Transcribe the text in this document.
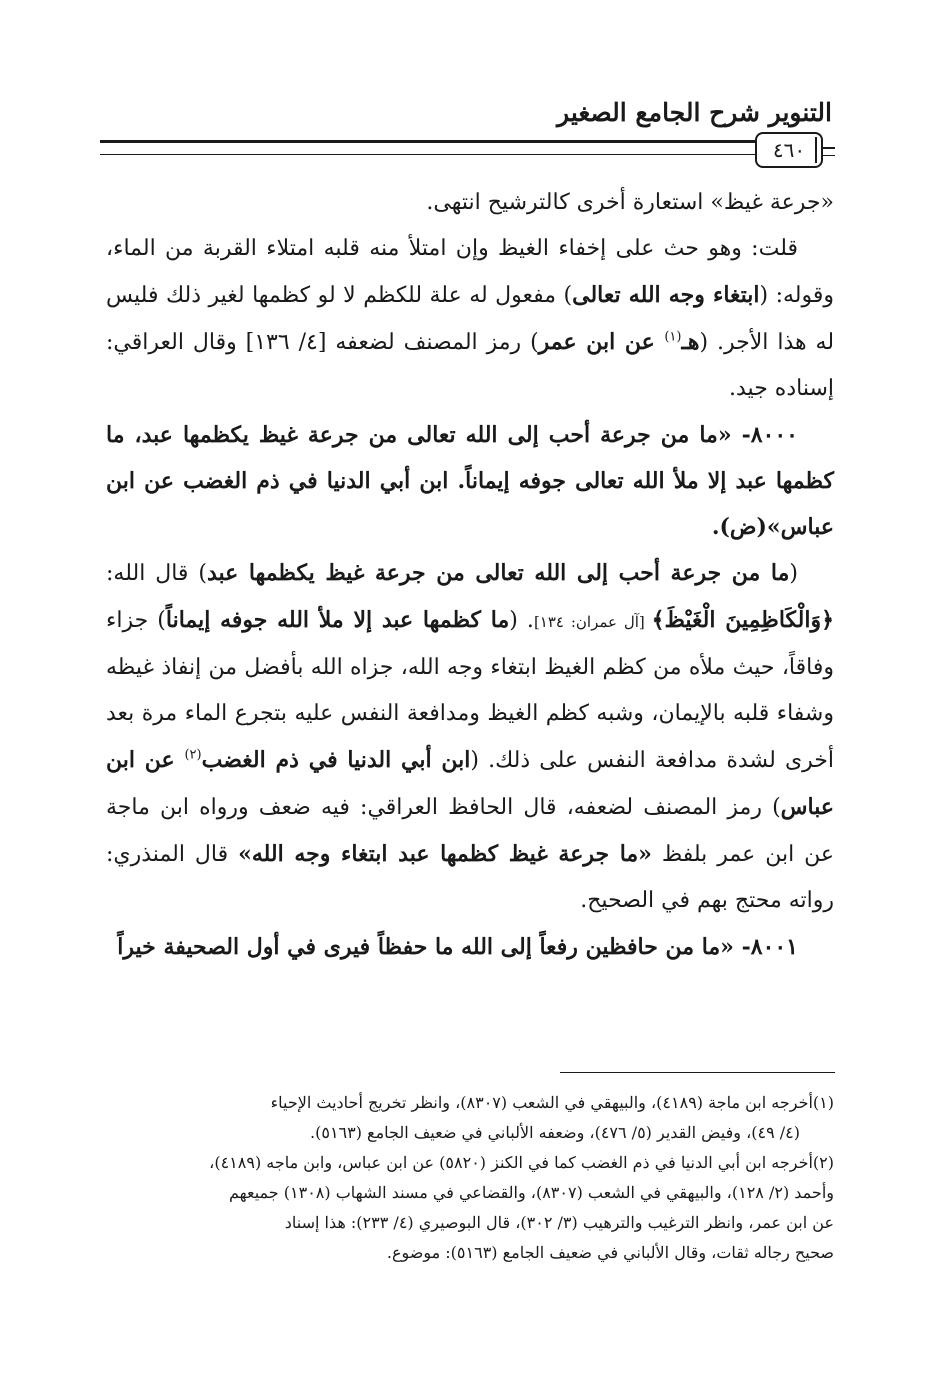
التنوير شرح الجامع الصغير
٤٦٠

«جرعة غيظ» استعارة أخرى كالترشيح انتهى.

قلت: وهو حث على إخفاء الغيظ وإن امتلأ منه قلبه امتلاء القربة من الماء، وقوله: (ابتغاء وجه الله تعالى) مفعول له علة للكظم لا لو كظمها لغير ذلك فليس له هذا الأجر. (هـ$^{(١)}$ عن ابن عمر) رمز المصنف لضعفه [٤/ ١٣٦] وقال العراقي: إسناده جيد.

٨٠٠٠- «ما من جرعة أحب إلى الله تعالى من جرعة غيظ يكظمها عبد، ما كظمها عبد إلا ملأ الله تعالى جوفه إيماناً. ابن أبي الدنيا في ذم الغضب عن ابن عباس»(ض).

(ما من جرعة أحب إلى الله تعالى من جرعة غيظ يكظمها عبد) قال الله: ﴿وَالْكَاظِمِينَ الْغَيْظَ﴾ [آل عمران: ١٣٤]. (ما كظمها عبد إلا ملأ الله جوفه إيماناً) جزاء وفاقاً، حيث ملأه من كظم الغيظ ابتغاء وجه الله، جزاه الله بأفضل من إنفاذ غيظه وشفاء قلبه بالإيمان، وشبه كظم الغيظ ومدافعة النفس عليه بتجرع الماء مرة بعد أخرى لشدة مدافعة النفس على ذلك. (ابن أبي الدنيا في ذم الغضب$^{(٢)}$ عن ابن عباس) رمز المصنف لضعفه، قال الحافظ العراقي: فيه ضعف ورواه ابن ماجة عن ابن عمر بلفظ «ما جرعة غيظ كظمها عبد ابتغاء وجه الله» قال المنذري: رواته محتج بهم في الصحيح.

٨٠٠١- «ما من حافظين رفعاً إلى الله ما حفظاً فيرى في أول الصحيفة خيراً

(١)أخرجه ابن ماجة (٤١٨٩)، والبيهقي في الشعب (٨٣٠٧)، وانظر تخريج أحاديث الإحياء

(٤/ ٤٩)، وفيض القدير (٥/ ٤٧٦)، وضعفه الألباني في ضعيف الجامع (٥١٦٣).

(٢)أخرجه ابن أبي الدنيا في ذم الغضب كما في الكنز (٥٨٢٠) عن ابن عباس، وابن ماجه (٤١٨٩)،

وأحمد (٢/ ١٢٨)، والبيهقي في الشعب (٨٣٠٧)، والقضاعي في مسند الشهاب (١٣٠٨) جميعهم

عن ابن عمر، وانظر الترغيب والترهيب (٣/ ٣٠٢)، قال البوصيري (٤/ ٢٣٣): هذا إسناد

صحيح رجاله ثقات، وقال الألباني في ضعيف الجامع (٥١٦٣): موضوع.
